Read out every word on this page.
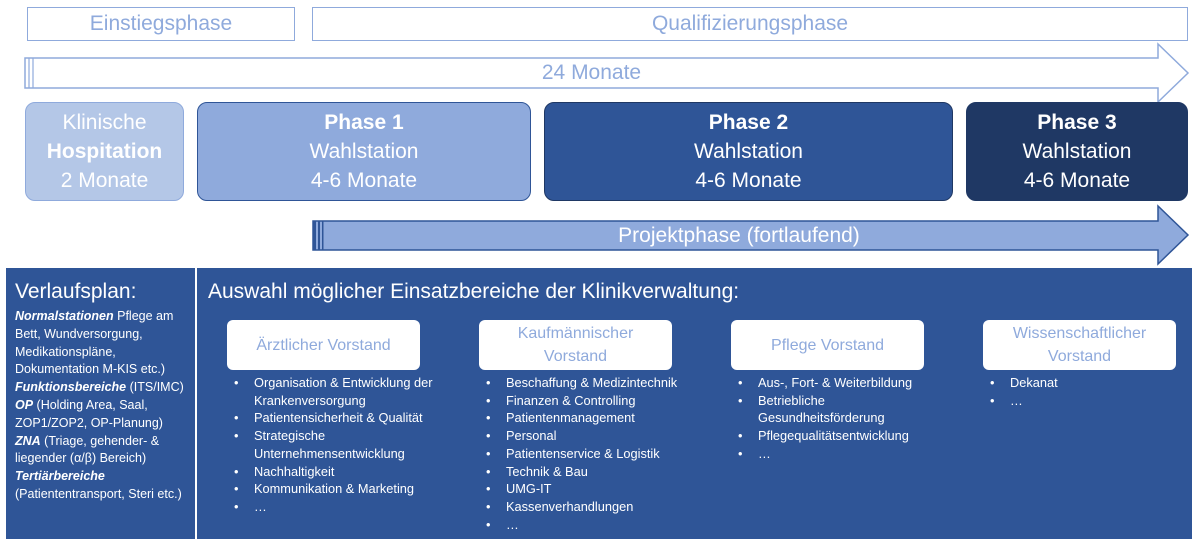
Einstiegsphase	Qualifizierungsphase
24 Monate
Klinische
Hospitation
2 Monate
Phase 1
Wahlstation
4-6 Monate
Phase 2
Wahlstation
4-6 Monate
Phase 3
Wahlstation
4-6 Monate
Projektphase (fortlaufend)
Verlaufsplan:
Normalstationen Pflege am Bett, Wundversorgung, Medikationspläne, Dokumentation M-KIS etc.)
Funktionsbereiche (ITS/IMC)
OP (Holding Area, Saal, ZOP1/ZOP2, OP-Planung)
ZNA (Triage, gehender- & liegender (α/β) Bereich)
Tertiärbereiche (Patiententransport, Steri etc.)
Auswahl möglicher Einsatzbereiche der Klinikverwaltung:
Ärztlicher Vorstand
Kaufmännischer Vorstand
Pflege Vorstand
Wissenschaftlicher Vorstand
• Organisation & Entwicklung der Krankenversorgung
• Patientensicherheit & Qualität
• Strategische Unternehmensentwicklung
• Nachhaltigkeit
• Kommunikation & Marketing
• …
• Beschaffung & Medizintechnik
• Finanzen & Controlling
• Patientenmanagement
• Personal
• Patientenservice & Logistik
• Technik & Bau
• UMG-IT
• Kassenverhandlungen
• …
• Aus-, Fort- & Weiterbildung
• Betriebliche Gesundheitsförderung
• Pflegequalitätsentwicklung
• …
• Dekanat
• …
